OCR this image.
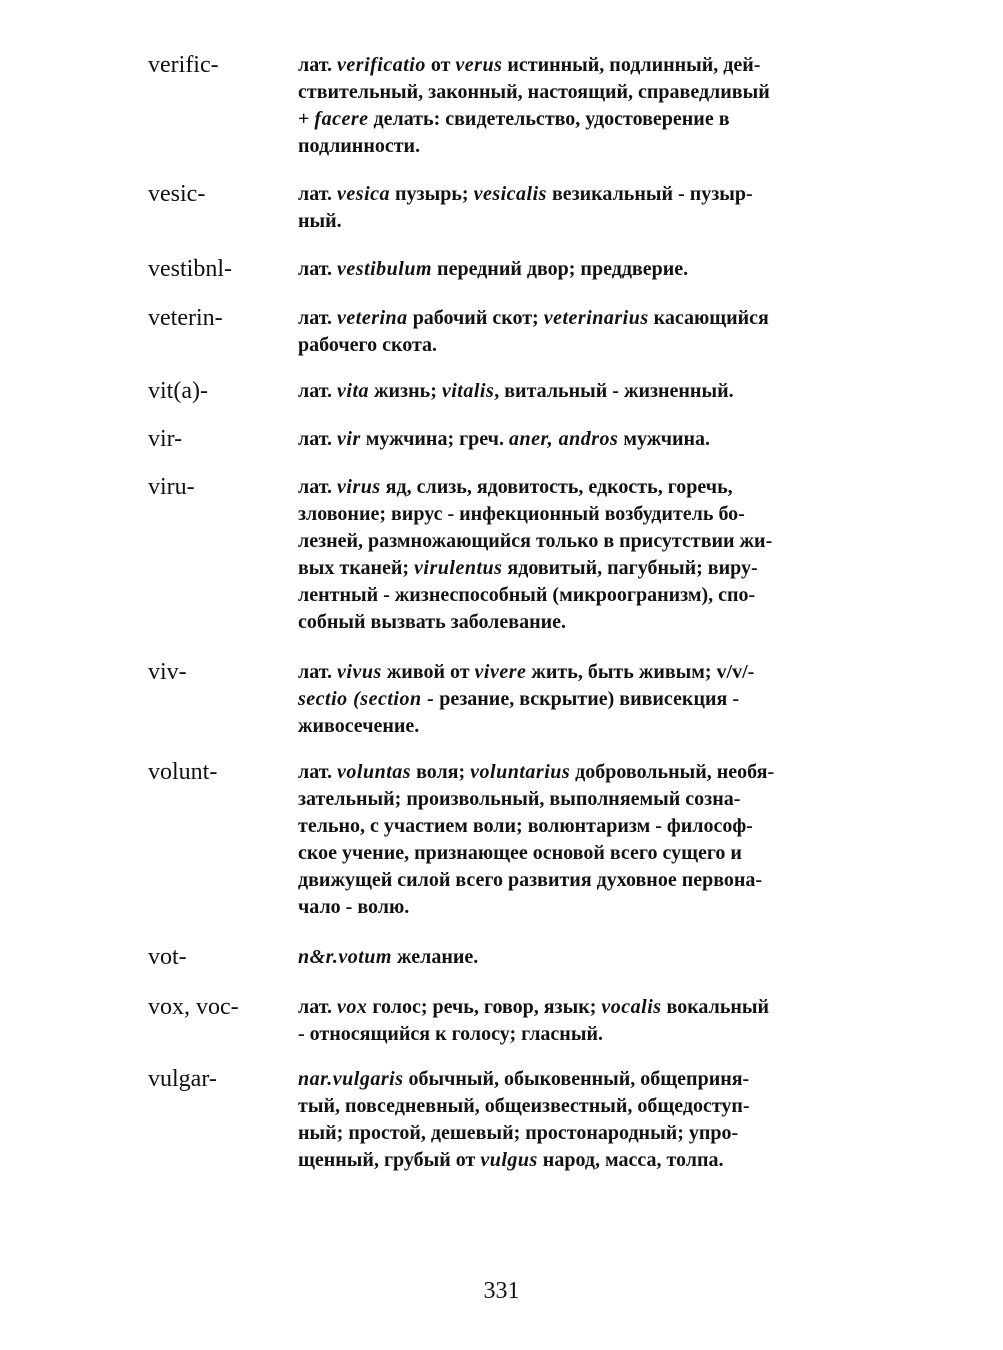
verific-	лат. verificatio от verus истинный, подлинный, дей-
ствительный, законный, настоящий, справедливый
+ facere делать: свидетельство, удостоверение в
подлинности.
vesic-	лат. vesica пузырь; vesicalis везикальный - пузыр-
ный.
vestibnl-	лат. vestibulum передний двор; преддверие.
veterin-	лат. veterina рабочий скот; veterinarius касающийся
рабочего скота.
vit(a)-	лат. vita жизнь; vitalis, витальный - жизненный.
vir-	лат. vir мужчина; греч. aner, andros мужчина.
viru-	лат. virus яд, слизь, ядовитость, едкость, горечь,
зловоние; вирус - инфекционный возбудитель бо-
лезней, размножающийся только в присутствии жи-
вых тканей; virulentus ядовитый, пагубный; виру-
лентный - жизнеспособный (микроогранизм), спо-
собный вызвать заболевание.
viv-	лат. vivus живой от vivere жить, быть живым; v/v/-
sectio (section - резание, вскрытие) вивисекция -
живосечение.
volunt-	лат. voluntas воля; voluntarius добровольный, необя-
зательный; произвольный, выполняемый созна-
тельно, с участием воли; волюнтаризм - философ-
ское учение, признающее основой всего сущего и
движущей силой всего развития духовное первона-
чало - волю.
vot-	n&r.votum желание.
vox, voc-	лат. vox голос; речь, говор, язык; vocalis вокальный
- относящийся к голосу; гласный.
vulgar-	nar.vulgaris обычный, обыковенный, общеприня-
тый, повседневный, общеизвестный, общедоступ-
ный; простой, дешевый; простонародный; упро-
щенный, грубый от vulgus народ, масса, толпа.
331
